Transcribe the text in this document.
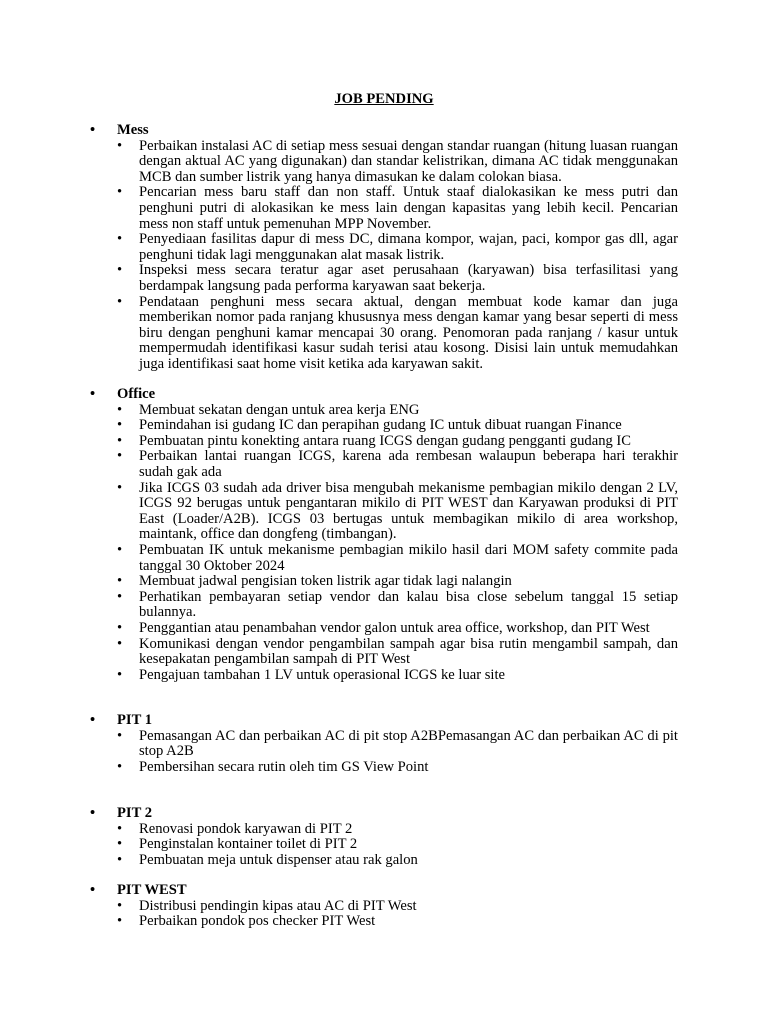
JOB PENDING
• Mess
• Perbaikan instalasi AC di setiap mess sesuai dengan standar ruangan (hitung luasan ruangan dengan aktual AC yang digunakan) dan standar kelistrikan, dimana AC tidak menggunakan MCB dan sumber listrik yang hanya dimasukan ke dalam colokan biasa.
• Pencarian mess baru staff dan non staff. Untuk staaf dialokasikan ke mess putri dan penghuni putri di alokasikan ke mess lain dengan kapasitas yang lebih kecil. Pencarian mess non staff untuk pemenuhan MPP November.
• Penyediaan fasilitas dapur di mess DC, dimana kompor, wajan, paci, kompor gas dll, agar penghuni tidak lagi menggunakan alat masak listrik.
• Inspeksi mess secara teratur agar aset perusahaan (karyawan) bisa terfasilitasi yang berdampak langsung pada performa karyawan saat bekerja.
• Pendataan penghuni mess secara aktual, dengan membuat kode kamar dan juga memberikan nomor pada ranjang khususnya mess dengan kamar yang besar seperti di mess biru dengan penghuni kamar mencapai 30 orang. Penomoran pada ranjang / kasur untuk mempermudah identifikasi kasur sudah terisi atau kosong. Disisi lain untuk memudahkan juga identifikasi saat home visit ketika ada karyawan sakit.
• Office
• Membuat sekatan dengan untuk area kerja ENG
• Pemindahan isi gudang IC dan perapihan gudang IC untuk dibuat ruangan Finance
• Pembuatan pintu konekting antara ruang ICGS dengan gudang pengganti gudang IC
• Perbaikan lantai ruangan ICGS, karena ada rembesan walaupun beberapa hari terakhir sudah gak ada
• Jika ICGS 03 sudah ada driver bisa mengubah mekanisme pembagian mikilo dengan 2 LV, ICGS 92 berugas untuk pengantaran mikilo di PIT WEST dan Karyawan produksi di PIT East (Loader/A2B). ICGS 03 bertugas untuk membagikan mikilo di area workshop, maintank, office dan dongfeng (timbangan).
• Pembuatan IK untuk mekanisme pembagian mikilo hasil dari MOM safety commite pada tanggal 30 Oktober 2024
• Membuat jadwal pengisian token listrik agar tidak lagi nalangin
• Perhatikan pembayaran setiap vendor dan kalau bisa close sebelum tanggal 15 setiap bulannya.
• Penggantian atau penambahan vendor galon untuk area office, workshop, dan PIT West
• Komunikasi dengan vendor pengambilan sampah agar bisa rutin mengambil sampah, dan kesepakatan pengambilan sampah di PIT West
• Pengajuan tambahan 1 LV untuk operasional ICGS ke luar site
• PIT 1
• Pemasangan AC dan perbaikan AC di pit stop A2BPemasangan AC dan perbaikan AC di pit stop A2B
• Pembersihan secara rutin oleh tim GS View Point
• PIT 2
• Renovasi pondok karyawan di PIT 2
• Penginstalan kontainer toilet di PIT 2
• Pembuatan meja untuk dispenser atau rak galon
• PIT WEST
• Distribusi pendingin kipas atau AC di PIT West
• Perbaikan pondok pos checker PIT West
